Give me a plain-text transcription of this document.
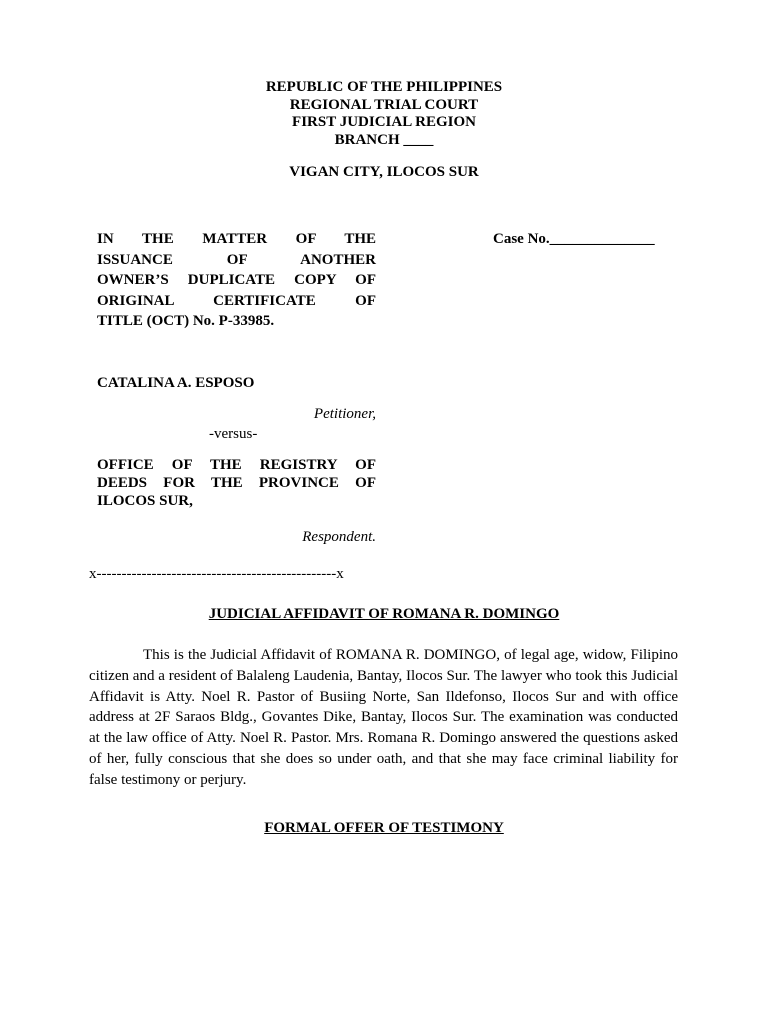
REPUBLIC OF THE PHILIPPINES
REGIONAL TRIAL COURT
FIRST JUDICIAL REGION
BRANCH ____
VIGAN CITY, ILOCOS SUR
IN THE MATTER OF THE
ISSUANCE OF ANOTHER
OWNER’S DUPLICATE COPY OF
ORIGINAL CERTIFICATE OF
TITLE (OCT) No. P-33985.
Case No.______________
CATALINA A. ESPOSO
Petitioner,
-versus-
OFFICE OF THE REGISTRY OF
DEEDS FOR THE PROVINCE OF
ILOCOS SUR,
Respondent.
x------------------------------------------------x
JUDICIAL AFFIDAVIT OF ROMANA R. DOMINGO
This is the Judicial Affidavit of ROMANA R. DOMINGO, of legal age, widow, Filipino citizen and a resident of Balaleng Laudenia, Bantay, Ilocos Sur. The lawyer who took this Judicial Affidavit is Atty. Noel R. Pastor of Busiing Norte, San Ildefonso, Ilocos Sur and with office address at 2F Saraos Bldg., Govantes Dike, Bantay, Ilocos Sur. The examination was conducted at the law office of Atty. Noel R. Pastor. Mrs. Romana R. Domingo answered the questions asked of her, fully conscious that she does so under oath, and that she may face criminal liability for false testimony or perjury.
FORMAL OFFER OF TESTIMONY
